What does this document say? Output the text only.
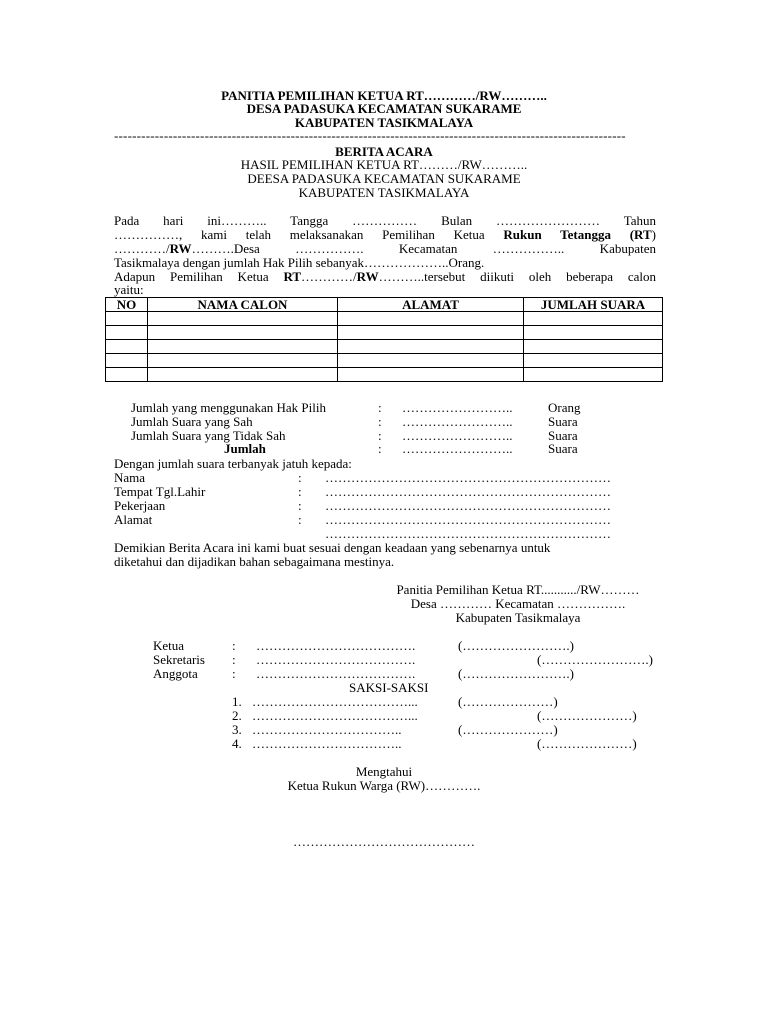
PANITIA PEMILIHAN KETUA RT…………/RW………..
DESA PADASUKA KECAMATAN SUKARAME
KABUPATEN TASIKMALAYA
-----------------------------------------------------------------------------------------------------------------
BERITA ACARA
HASIL PEMILIHAN KETUA RT………/RW………..
DEESA PADASUKA KECAMATAN SUKARAME
KABUPATEN TASIKMALAYA
Pada hari ini……….. Tangga …………… Bulan …………………… Tahun
……………, kami telah melaksanakan Pemilihan Ketua Rukun Tetangga (RT)
…………/RW……….Desa ……………. Kecamatan …………….. Kabupaten
Tasikmalaya dengan jumlah Hak Pilih sebanyak………………..Orang.
Adapun Pemilihan Ketua RT…………/RW………..tersebut diikuti oleh beberapa calon
yaitu:
NO	NAMA CALON	ALAMAT	JUMLAH SUARA

Jumlah yang menggunakan Hak Pilih	: ……………………..	Orang
Jumlah Suara yang Sah	: ……………………..	Suara
Jumlah Suara yang Tidak Sah	: ……………………..	Suara
Jumlah	: ……………………..	Suara
Dengan jumlah suara terbanyak jatuh kepada:
Nama	: …………………………………………………………
Tempat Tgl.Lahir	: …………………………………………………………
Pekerjaan	: …………………………………………………………
Alamat	: …………………………………………………………
…………………………………………………………
Demikian Berita Acara ini kami buat sesuai dengan keadaan yang sebenarnya untuk
diketahui dan dijadikan bahan sebagaimana mestinya.
Panitia Pemilihan Ketua RT.........../RW………
Desa ………… Kecamatan …………….
Kabupaten Tasikmalaya
Ketua	: ……………………………….	(…………………….)
Sekretaris : ……………………………….	(…………………….)
Anggota	: ……………………………….	(…………………….)
SAKSI-SAKSI
1. ………………………………...	(…………………)
2. ………………………………...	(…………………)
3. ……………………………..	(…………………)
4. ……………………………..	(…………………)
Mengtahui
Ketua Rukun Warga (RW)………….
……………………………………
